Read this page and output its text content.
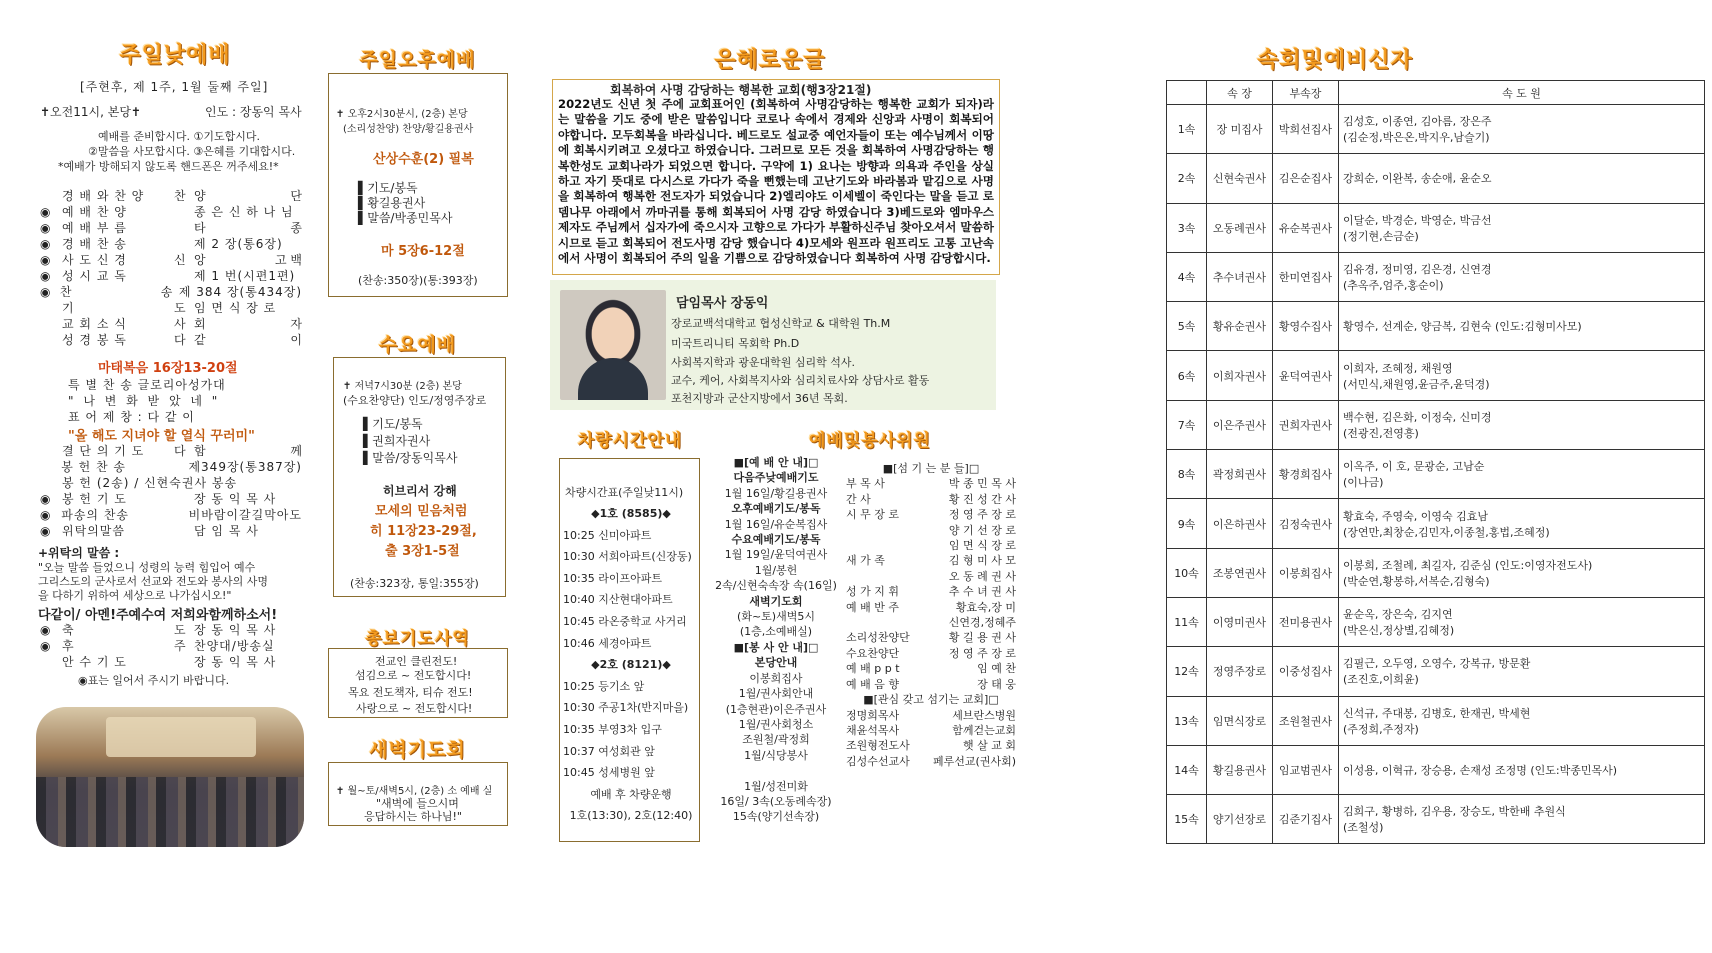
주일낮예배
[주현후, 제 1주, 1월 둘째 주일]
✝오전11시, 본당✝	인도 : 장동익 목사
예배를 준비합시다. ①기도합시다.
②말씀을 사모합시다. ③은혜를 기대합시다.
*예배가 방해되지 않도록 핸드폰은 꺼주세요!*
경 배 와 찬 양	찬 양	단
◉ 예 배 찬 양	종 은 신 하 나 님
◉ 예 배 부 름	타	종
◉ 경 배 찬 송	제 2 장(통6장)
◉ 사 도 신 경	신 앙	고 백
◉ 성 시 교 독	제 1 번(시편1편)
◉ 찬	송 제 384 장(통434장)
기	도 임 면 식 장 로
교 회 소 식	사 회	자
성 경 봉 독	다 같	이
마태복음 16장13-20절
특 별 찬 송 글로리아성가대
" 나 변 화 받 았 네 "
표 어 제 창 : 다 같 이
"올 해도 지녀야 할 열식 꾸러미"
결 단 의 기 도	다 함	께
봉 헌 찬 송	제349장(통387장)
봉 헌 (2송) / 신현숙권사 봉송
◉ 봉 헌 기 도	장 동 익 목 사
◉ 파송의 찬송	비바람이갈길막아도
◉ 위탁의말씀	담 임 목 사
+위탁의 말씀 :
"오늘 말씀 들었으니 성령의 능력 힘입어 예수
그리스도의 군사로서 선교와 전도와 봉사의 사명
을 다하기 위하여 세상으로 나가십시오!"
다같이/ 아멘!주예수여 저희와함께하소서!
◉ 축	도 장 동 익 목 사
◉ 후	주 찬양대/방송실
안 수 기 도	장 동 익 목 사
◉표는 일어서 주시기 바랍니다.
주일오후예배
✝ 오후2시30분시, (2층) 본당
(소리성찬양) 찬양/황길용권사
산상수훈(2) 필복
▌기도/봉독
▌황길용권사
▌말씀/박종민목사
마 5장6-12절
(찬송:350장)(통:393장)
수요예배
✝ 저녁7시30분 (2층) 본당
(수요찬양단) 인도/정영주장로
▌기도/봉독
▌권희자권사
▌말씀/장동익목사
히브리서 강해
모세의 믿음처럼
히 11장23-29절,
출 3장1-5절
(찬송:323장, 통일:355장)
총보기도사역
전교인 클린전도!
섬김으로 ~ 전도합시다!
목요 전도책자, 티슈 전도!
사랑으로 ~ 전도합시다!
새벽기도회
✝ 월~토/새벽5시, (2층) 소 예배 실
"새벽에 들으시며
응답하시는 하나님!"
은혜로운글
회복하여 사명 감당하는 행복한 교회(행3장21절)
2022년도 신년 첫 주에 교회표어인 (회복하여 사명감당하는 행복한 교회가 되자)라는 말씀을 기도 중에 받은 말씀입니다 코로나 속에서 경제와 신앙과 사명이 회복되어야합니다. 모두회복을 바라십니다. 베드로도 설교중 예언자들이 또는 예수님께서 이땅에 회복시키려고 오셨다고 하였습니다. 그러므로 모든 것을 회복하여 사명감당하는 행복한성도 교회나라가 되었으면 합니다. 구약에 1) 요나는 방향과 의욕과 주인을 상실하고 자기 뜻대로 다시스로 가다가 죽을 뻔했는데 고난기도와 바라봄과 맡김으로 사명을 회복하여 행복한 전도자가 되었습니다 2)엘리야도 이세벨이 죽인다는 말을 듣고 로뎀나무 아래에서 까마귀를 통해 회복되어 사명 감당 하였습니다 3)베드로와 엠마우스 제자도 주님께서 십자가에 죽으시자 고향으로 가다가 부활하신주님 찾아오셔서 말씀하시므로 듣고 회복되어 전도사명 감당 했습니다 4)모세와 원프라 원프리도 고통 고난속에서 사명이 회복되어 주의 일을 기쁨으로 감당하였습니다 회복하여 사명 감당합시다.
담임목사 장동익
장로교백석대학교 협성신학교 & 대학원 Th.M
미국트리니티 목회학 Ph.D
사회복지학과 광운대학원 심리학 석사.
교수, 케어, 사회복지사와 심리치료사와 상담사로 활동
포천지방과 군산지방에서 36년 목회.
차량시간안내
차량시간표(주일낮11시)
◆1호 (8585)◆
10:25 신미아파트
10:30 서희아파트(신장동)
10:35 라이프아파트
10:40 지산현대아파트
10:45 라온중학교 사거리
10:46 세경아파트
◆2호 (8121)◆
10:25 등기소 앞
10:30 주공1차(반지마을)
10:35 부영3차 입구
10:37 여성회관 앞
10:45 성세병원 앞
예배 후 차량운행
1호(13:30), 2호(12:40)
예배및봉사위원
■[예 배 안 내]□
다음주낮예배기도
1월 16일/황길용권사
오후예배기도/봉독
1월 16일/유순복집사
수요예배기도/봉독
1월 19일/윤덕여권사
1월/봉헌
2속/신현숙속장 속(16일)
새벽기도회
(화~토)새벽5시
(1층,소예배실)
■[봉 사 안 내]□
본당안내
이봉희집사
1월/권사회안내
(1층현관)이은주권사
1월/권사회청소
조원철/곽정희
1월/식당봉사

1월/성전미화
16일/ 3속(오동례속장)
15속(양기선속장)
■[섬 기 는 분 들]□
부 목 사	박 종 민 목 사
간 사	황 진 성 간 사
시 무 장 로	정 영 주 장 로
양 기 선 장 로
임 면 식 장 로
새 가 족	김 형 미 사 모
오 동 례 권 사
성 가 지 휘	추 수 녀 권 사
예 배 반 주	황효숙,장 미
신연경,정혜주
소리성찬양단	황 길 용 권 사
수요찬양단	정 영 주 장 로
예 배 p p t	임 예 찬
예 배 음 향	장 태 웅
■[관심 갖고 섬기는 교회]□
정명희목사	세브란스병원
채윤석목사	함께걷는교회
조원형전도사	햇 살 교 회
김성수선교사	페루선교(권사회)
속회및예비신자
	속 장	부속장	속 도 원
1속	장 미집사	박희선집사	김성호, 이종연, 김아름, 장은주
(김순정,박은온,박지우,남슬기)

2속	신현숙권사	김은순집사	강희순, 이완복, 송순애, 윤순오

3속	오동례권사	유순복권사	이달순, 박경순, 박영순, 박금선
(정기현,손금순)

4속	추수녀권사	한미연집사	김유경, 정미영, 김은경, 신연경
(추옥주,엄주,홍순이)

5속	황유순권사	황영수집사	황영수, 선계순, 양금복, 김현숙 (인도:김형미사모)

6속	이희자권사	윤덕여권사	이희자, 조혜정, 채원영
(서민식,채원영,윤금주,윤덕경)

7속	이은주권사	권희자권사	백수현, 김은화, 이정숙, 신미경
(전광진,전영흥)

8속	곽정희권사	황경희집사	이옥주, 이 호, 문광순, 고남순
(이나금)

9속	이은하권사	김정숙권사	황효숙, 주영숙, 이영숙 김효남
(장연만,최창순,김민자,이종철,홍법,조혜정)

10속	조봉연권사	이봉희집사	이봉희, 조철례, 최길자, 김준심 (인도:이영자전도사)
(박순연,황봉하,서복순,김형숙)

11속	이영미권사	전미용권사	윤순옥, 장은숙, 김지연
(박은신,정상별,김혜정)

12속	정영주장로	이중성집사	김필근, 오두영, 오영수, 강복규, 방문환
(조진호,이희윤)

13속	임면식장로	조원철권사	신석규, 주대봉, 김병호, 한재권, 박세현
(주정희,주정자)

14속	황길용권사	임교범권사	이성용, 이혁규, 장승용, 손재성 조정명 (인도:박종민목사)

15속	양기선장로	김준기집사	김희구, 황병하, 김우용, 장승도, 박한배 추원식
(조철성)
